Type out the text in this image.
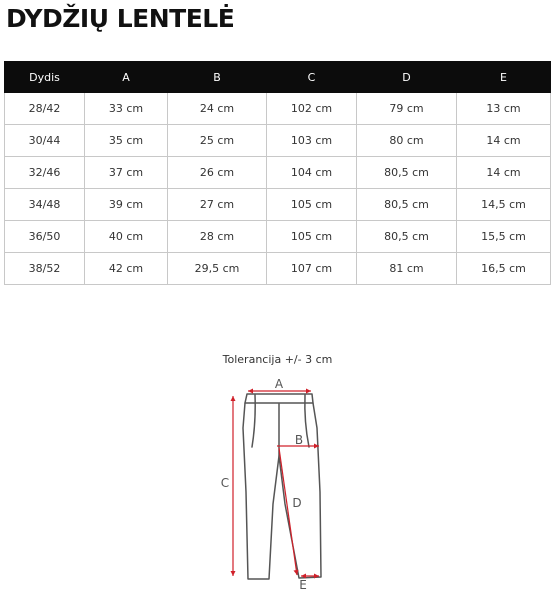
DYDŽIŲ LENTELĖ
Dydis	A	B	C	D	E
28/42	33 cm	24 cm	102 cm	79 cm	13 cm
30/44	35 cm	25 cm	103 cm	80 cm	14 cm
32/46	37 cm	26 cm	104 cm	80,5 cm	14 cm
34/48	39 cm	27 cm	105 cm	80,5 cm	14,5 cm
36/50	40 cm	28 cm	105 cm	80,5 cm	15,5 cm
38/52	42 cm	29,5 cm	107 cm	81 cm	16,5 cm
Tolerancija +/- 3 cm
A
B
C
D
E
